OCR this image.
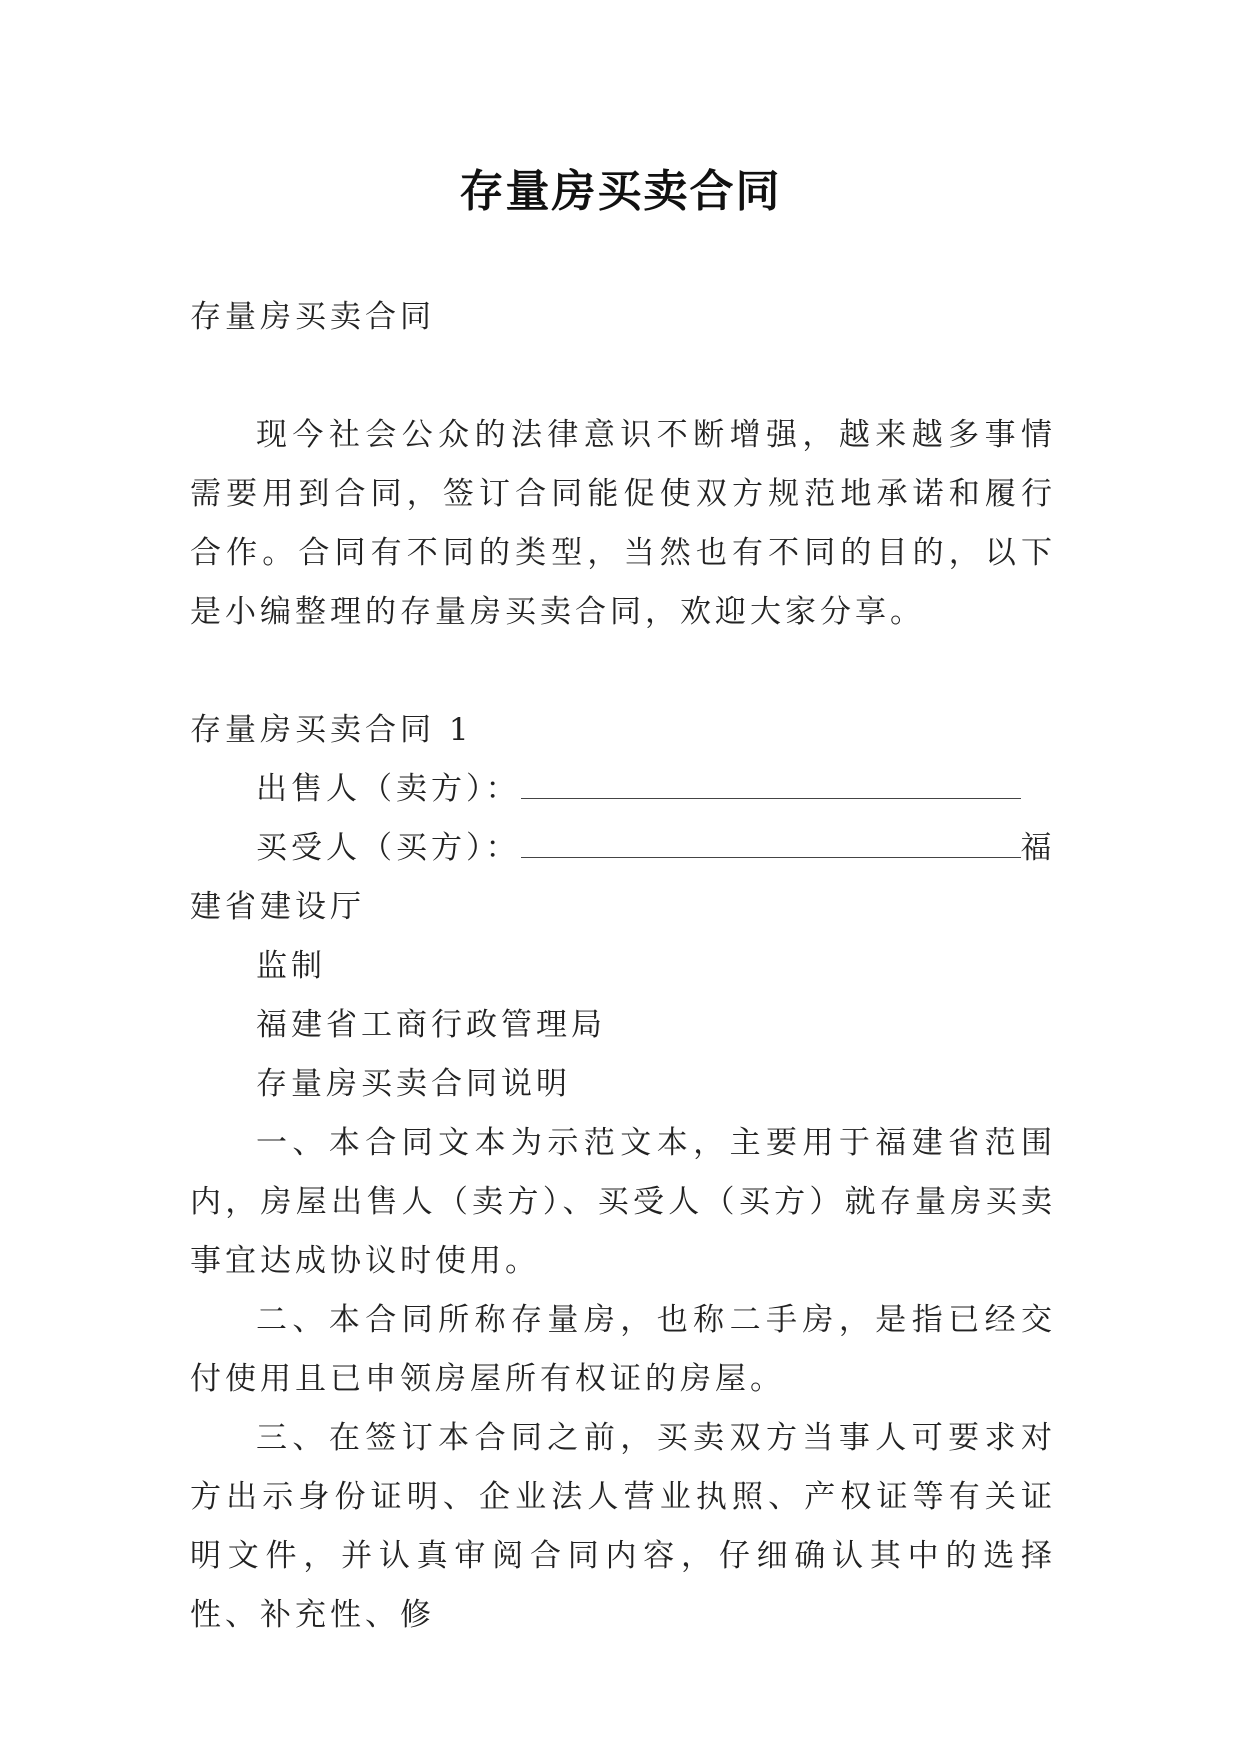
存量房买卖合同

存量房买卖合同

现今社会公众的法律意识不断增强，越来越多事情需要用到合同，签订合同能促使双方规范地承诺和履行合作。合同有不同的类型，当然也有不同的目的，以下是小编整理的存量房买卖合同，欢迎大家分享。

存量房买卖合同 1

出售人（卖方）：

买受人（买方）：	福建省建设厅

监制

福建省工商行政管理局

存量房买卖合同说明

一、本合同文本为示范文本，主要用于福建省范围内，房屋出售人（卖方）、买受人（买方）就存量房买卖事宜达成协议时使用。

二、本合同所称存量房，也称二手房，是指已经交付使用且已申领房屋所有权证的房屋。

三、在签订本合同之前，买卖双方当事人可要求对方出示身份证明、企业法人营业执照、产权证等有关证明文件，并认真审阅合同内容，仔细确认其中的选择性、补充性、修
